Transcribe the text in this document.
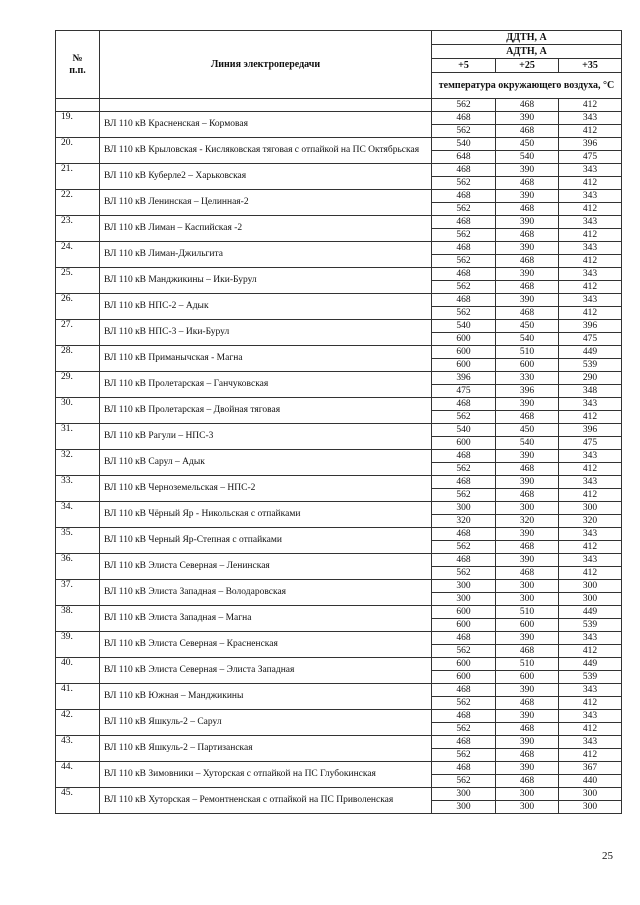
№
п.п.	Линия электропередачи	ДДТН, А		
		АДТН, А		
		+5	+25	+35
		температура окружающего воздуха, °С		
		562	468	412
19.	ВЛ 110 кВ Красненская – Кормовая	468	390	343
		562	468	412
20.	ВЛ 110 кВ Крыловская - Кисляковская тяговая с отпайкой на ПС Октябрьская	540	450	396
		648	540	475
21.	ВЛ 110 кВ Куберле2 – Харьковская	468	390	343
		562	468	412
22.	ВЛ 110 кВ Ленинская – Целинная-2	468	390	343
		562	468	412
23.	ВЛ 110 кВ Лиман – Каспийская -2	468	390	343
		562	468	412
24.	ВЛ 110 кВ Лиман-Джильгита	468	390	343
		562	468	412
25.	ВЛ 110 кВ Манджикины – Ики-Бурул	468	390	343
		562	468	412
26.	ВЛ 110 кВ НПС-2 – Адык	468	390	343
		562	468	412
27.	ВЛ 110 кВ НПС-3 – Ики-Бурул	540	450	396
		600	540	475
28.	ВЛ 110 кВ Приманычская - Магна	600	510	449
		600	600	539
29.	ВЛ 110 кВ Пролетарская – Ганчуковская	396	330	290
		475	396	348
30.	ВЛ 110 кВ Пролетарская – Двойная тяговая	468	390	343
		562	468	412
31.	ВЛ 110 кВ Рагули – НПС-3	540	450	396
		600	540	475
32.	ВЛ 110 кВ Сарул – Адык	468	390	343
		562	468	412
33.	ВЛ 110 кВ Черноземельская – НПС-2	468	390	343
		562	468	412
34.	ВЛ 110 кВ Чёрный Яр - Никольская с отпайками	300	300	300
		320	320	320
35.	ВЛ 110 кВ Черный Яр-Степная с отпайками	468	390	343
		562	468	412
36.	ВЛ 110 кВ Элиста Северная – Ленинская	468	390	343
		562	468	412
37.	ВЛ 110 кВ Элиста Западная – Володаровская	300	300	300
		300	300	300
38.	ВЛ 110 кВ Элиста Западная – Магна	600	510	449
		600	600	539
39.	ВЛ 110 кВ Элиста Северная – Красненская	468	390	343
		562	468	412
40.	ВЛ 110 кВ Элиста Северная – Элиста Западная	600	510	449
		600	600	539
41.	ВЛ 110 кВ Южная – Манджикины	468	390	343
		562	468	412
42.	ВЛ 110 кВ Яшкуль-2 – Сарул	468	390	343
		562	468	412
43.	ВЛ 110 кВ Яшкуль-2 – Партизанская	468	390	343
		562	468	412
44.	ВЛ 110 кВ Зимовники – Хуторская с отпайкой на ПС Глубокинская	468	390	367
		562	468	440
45.	ВЛ 110 кВ Хуторская – Ремонтненская с отпайкой на ПС Приволенская	300	300	300
		300	300	300
25
